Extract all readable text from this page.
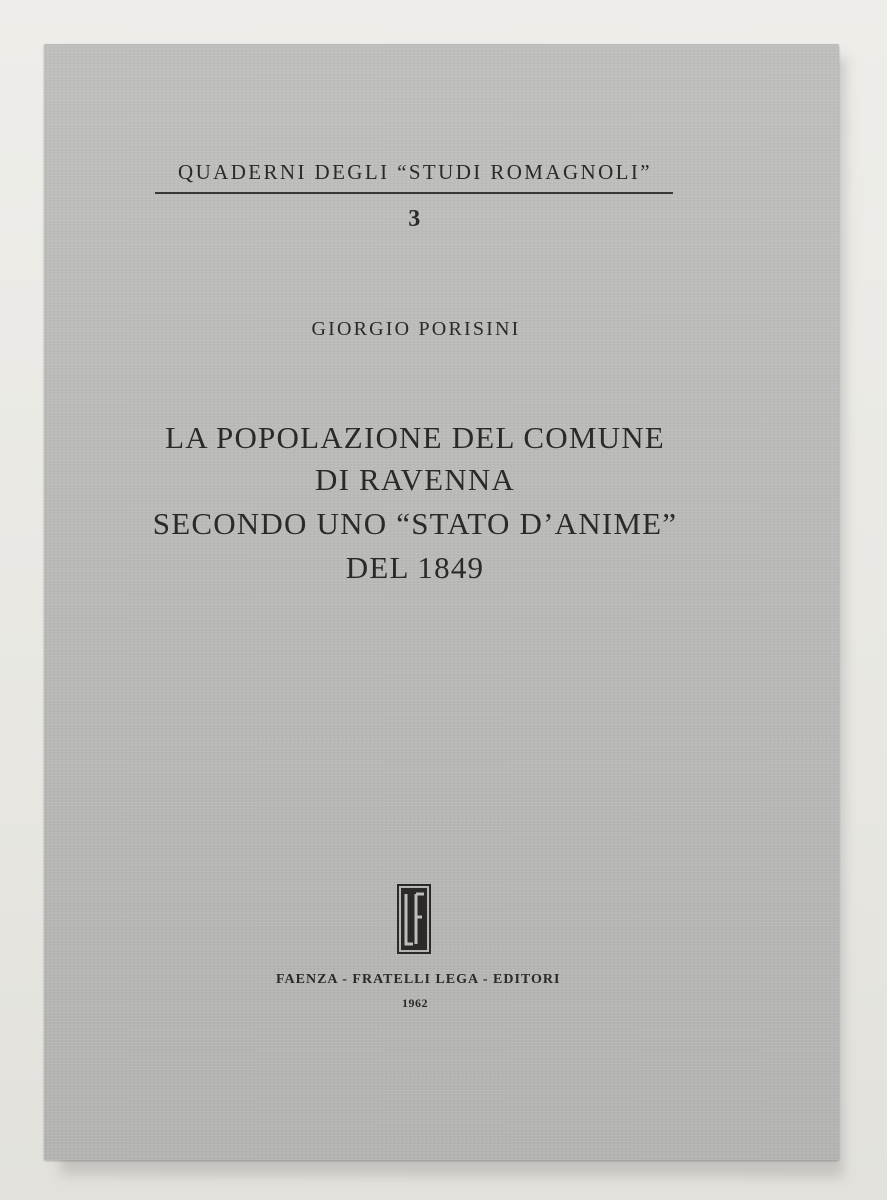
QUADERNI DEGLI “STUDI ROMAGNOLI”
3
GIORGIO PORISINI
LA POPOLAZIONE DEL COMUNE
DI RAVENNA
SECONDO UNO “STATO D’ANIME”
DEL 1849
FAENZA - FRATELLI LEGA - EDITORI
1962
